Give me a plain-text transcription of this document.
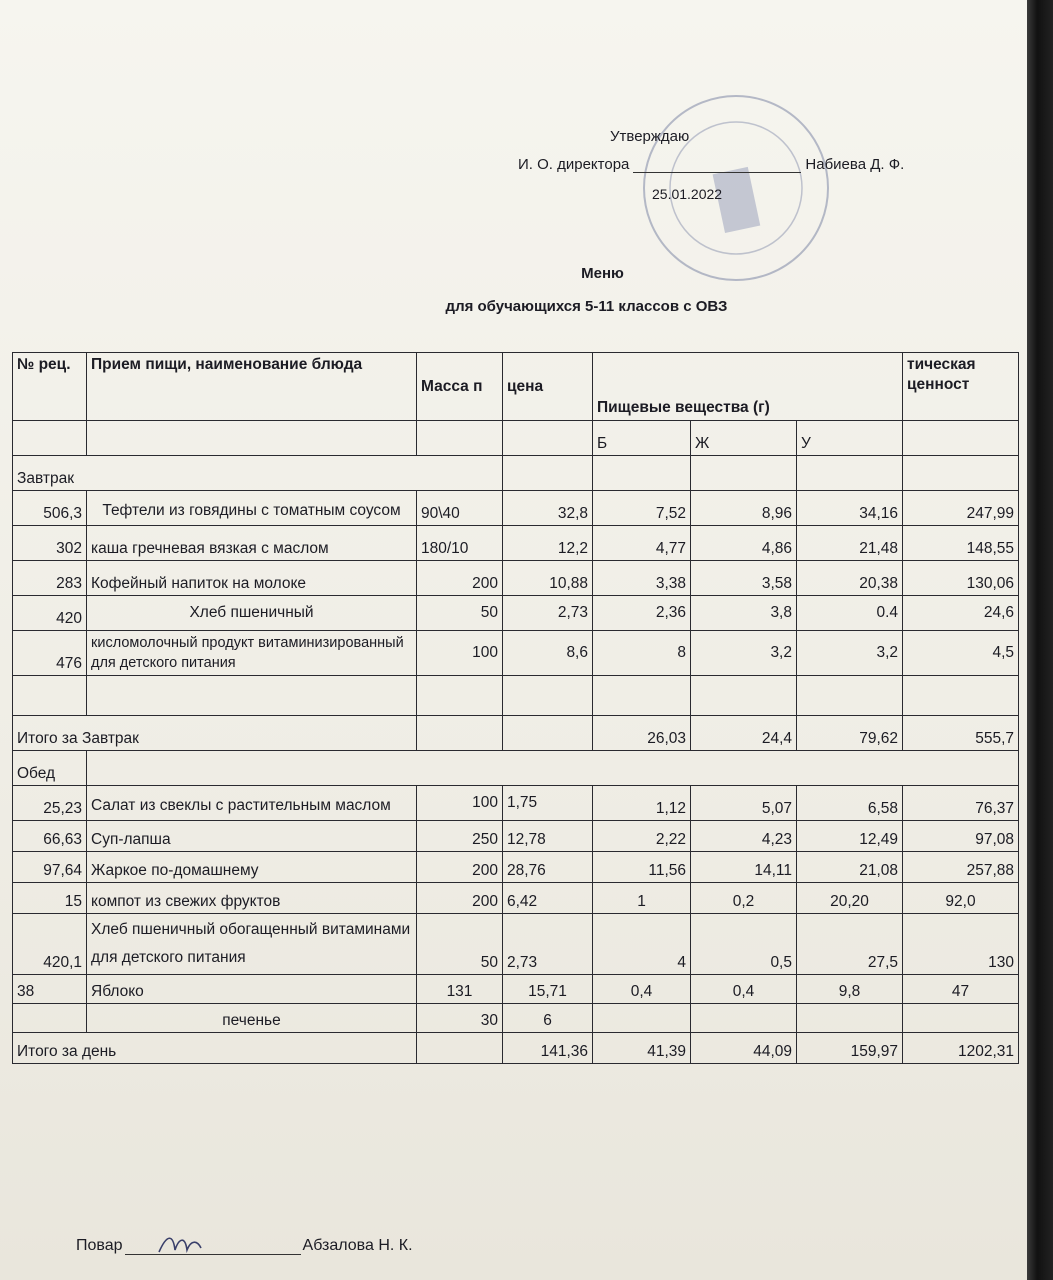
Утверждаю
И. О. директора	Набиева Д. Ф.
25.01.2022
Меню
для обучающихся 5-11 классов с ОВЗ
№ рец.	Прием пищи, наименование блюда	Масса п	цена	Пищевые вещества (г)			тическая ценност
				Б	Ж	У	
Завтрак							
506,3	Тефтели из говядины с томатным соусом	90\40	32,8	7,52	8,96	34,16	247,99
302	каша гречневая вязкая с маслом	180/10	12,2	4,77	4,86	21,48	148,55
283	Кофейный напиток на молоке	200	10,88	3,38	3,58	20,38	130,06
420	Хлеб пшеничный	50	2,73	2,36	3,8	0.4	24,6
476	кисломолочный продукт витаминизированный для детского питания	100	8,6	8	3,2	3,2	4,5

Итого за Завтрак				26,03	24,4	79,62	555,7
Обед							
25,23	Салат из свеклы с растительным маслом	100	1,75	1,12	5,07	6,58	76,37
66,63	Суп-лапша	250	12,78	2,22	4,23	12,49	97,08
97,64	Жаркое по-домашнему	200	28,76	11,56	14,11	21,08	257,88
15	компот из свежих фруктов	200	6,42	1	0,2	20,20	92,0
420,1	Хлеб пшеничный обогащенный витаминами для детского питания	50	2,73	4	0,5	27,5	130
38	Яблоко	131	15,71	0,4	0,4	9,8	47
	печенье	30	6				
Итого за день			141,36	41,39	44,09	159,97	1202,31
Повар	Абзалова Н. К.
